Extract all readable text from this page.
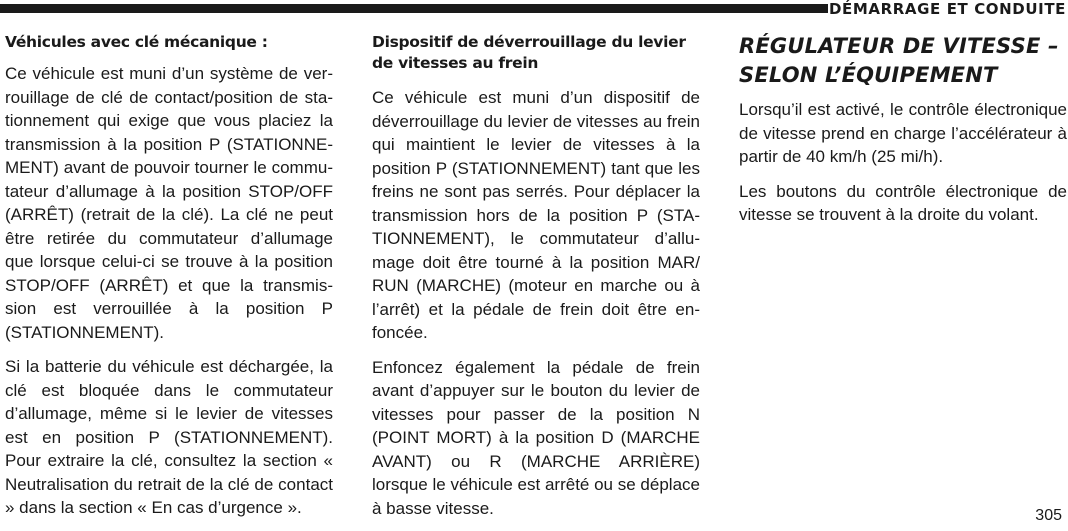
DÉMARRAGE ET CONDUITE
Véhicules avec clé mécanique :

Ce véhicule est muni d’un système de verrouillage de clé de contact/position de stationnement qui exige que vous placiez la transmission à la position P (STATIONNEMENT) avant de pouvoir tourner le commutateur d’allumage à la position STOP/OFF (ARRÊT) (retrait de la clé). La clé ne peut être retirée du commutateur d’allumage que lorsque celui-ci se trouve à la position STOP/OFF (ARRÊT) et que la transmission est verrouillée à la position P (STATIONNEMENT).

Si la batterie du véhicule est déchargée, la clé est bloquée dans le commutateur d’allumage, même si le levier de vitesses est en position P (STATIONNEMENT). Pour extraire la clé, consultez la section « Neutralisation du retrait de la clé de contact » dans la section « En cas d’urgence ».

Dispositif de déverrouillage du levier de vitesses au frein

Ce véhicule est muni d’un dispositif de déverrouillage du levier de vitesses au frein qui maintient le levier de vitesses à la position P (STATIONNEMENT) tant que les freins ne sont pas serrés. Pour déplacer la transmission hors de la position P (STATIONNEMENT), le commutateur d’allumage doit être tourné à la position MAR/ RUN (MARCHE) (moteur en marche ou à l’arrêt) et la pédale de frein doit être enfoncée.

Enfoncez également la pédale de frein avant d’appuyer sur le bouton du levier de vitesses pour passer de la position N (POINT MORT) à la position D (MARCHE AVANT) ou R (MARCHE ARRIÈRE) lorsque le véhicule est arrêté ou se déplace à basse vitesse.

RÉGULATEUR DE VITESSE – SELON L’ÉQUIPEMENT

Lorsqu’il est activé, le contrôle électronique de vitesse prend en charge l’accélérateur à partir de 40 km/h (25 mi/h).

Les boutons du contrôle électronique de vitesse se trouvent à la droite du volant.

305
